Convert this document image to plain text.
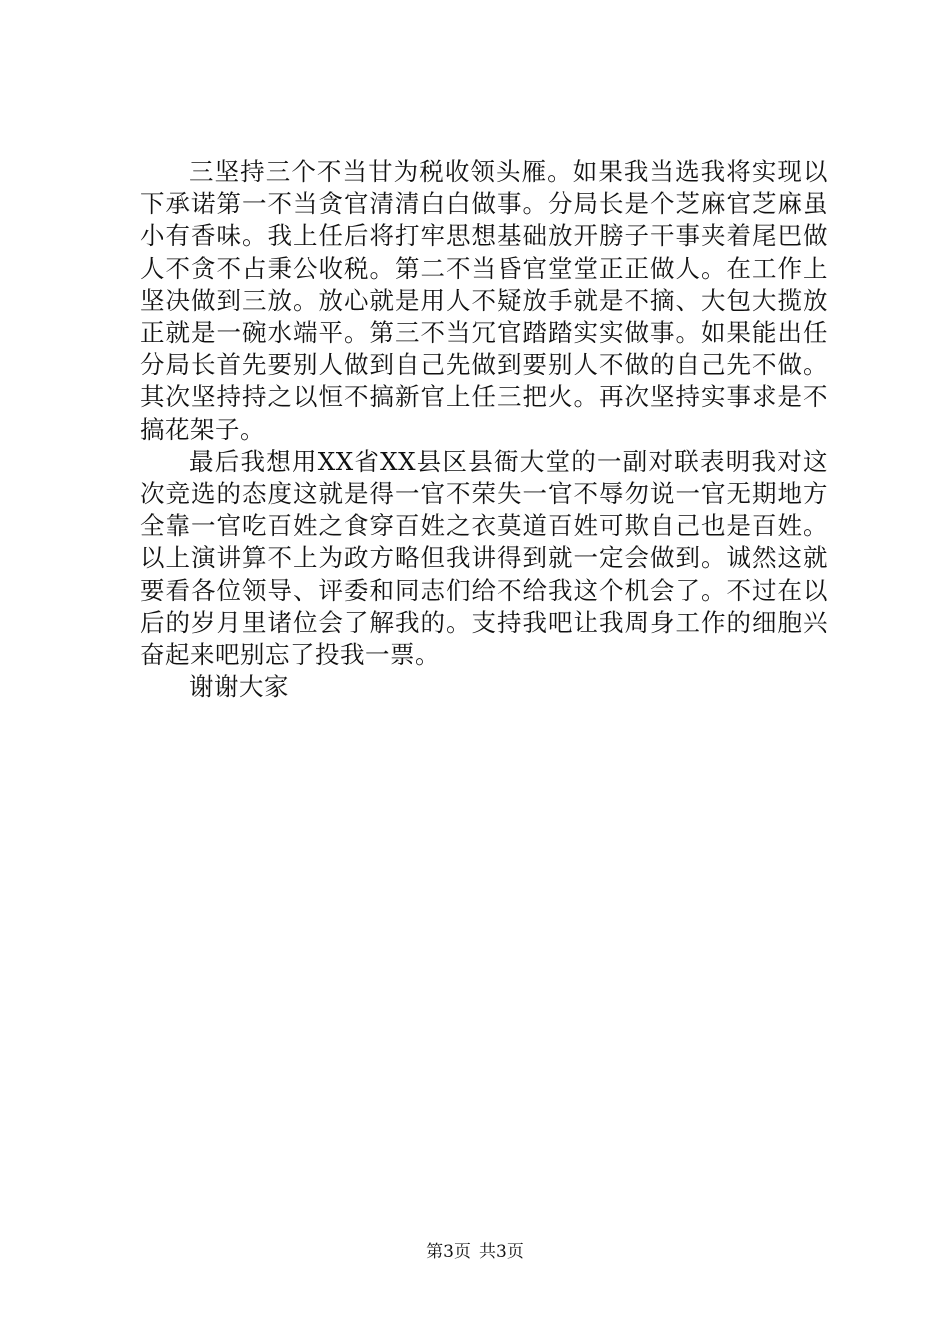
三坚持三个不当甘为税收领头雁。如果我当选我将实现以下承诺第一不当贪官清清白白做事。分局长是个芝麻官芝麻虽小有香味。我上任后将打牢思想基础放开膀子干事夹着尾巴做人不贪不占秉公收税。第二不当昏官堂堂正正做人。在工作上坚决做到三放。放心就是用人不疑放手就是不摘、大包大揽放正就是一碗水端平。第三不当冗官踏踏实实做事。如果能出任分局长首先要别人做到自己先做到要别人不做的自己先不做。其次坚持持之以恒不搞新官上任三把火。再次坚持实事求是不搞花架子。

最后我想用XX省XX县区县衙大堂的一副对联表明我对这次竞选的态度这就是得一官不荣失一官不辱勿说一官无期地方全靠一官吃百姓之食穿百姓之衣莫道百姓可欺自己也是百姓。以上演讲算不上为政方略但我讲得到就一定会做到。诚然这就要看各位领导、评委和同志们给不给我这个机会了。不过在以后的岁月里诸位会了解我的。支持我吧让我周身工作的细胞兴奋起来吧别忘了投我一票。

谢谢大家

第3页 共3页
